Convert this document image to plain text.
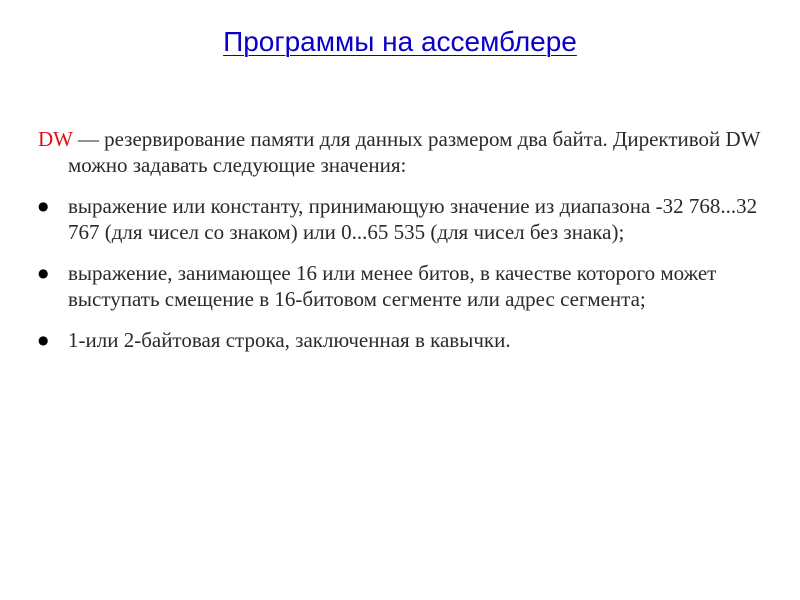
Программы на ассемблере

DW — резервирование памяти для данных размером два байта. Директивой DW можно задавать следующие значения:

● выражение или константу, принимающую значение из диапазона -32 768...32 767 (для чисел со знаком) или 0...65 535 (для чисел без знака);
● выражение, занимающее 16 или менее битов, в качестве которого может выступать смещение в 16-битовом сегменте или адрес сегмента;
● 1-или 2-байтовая строка, заключенная в кавычки.
